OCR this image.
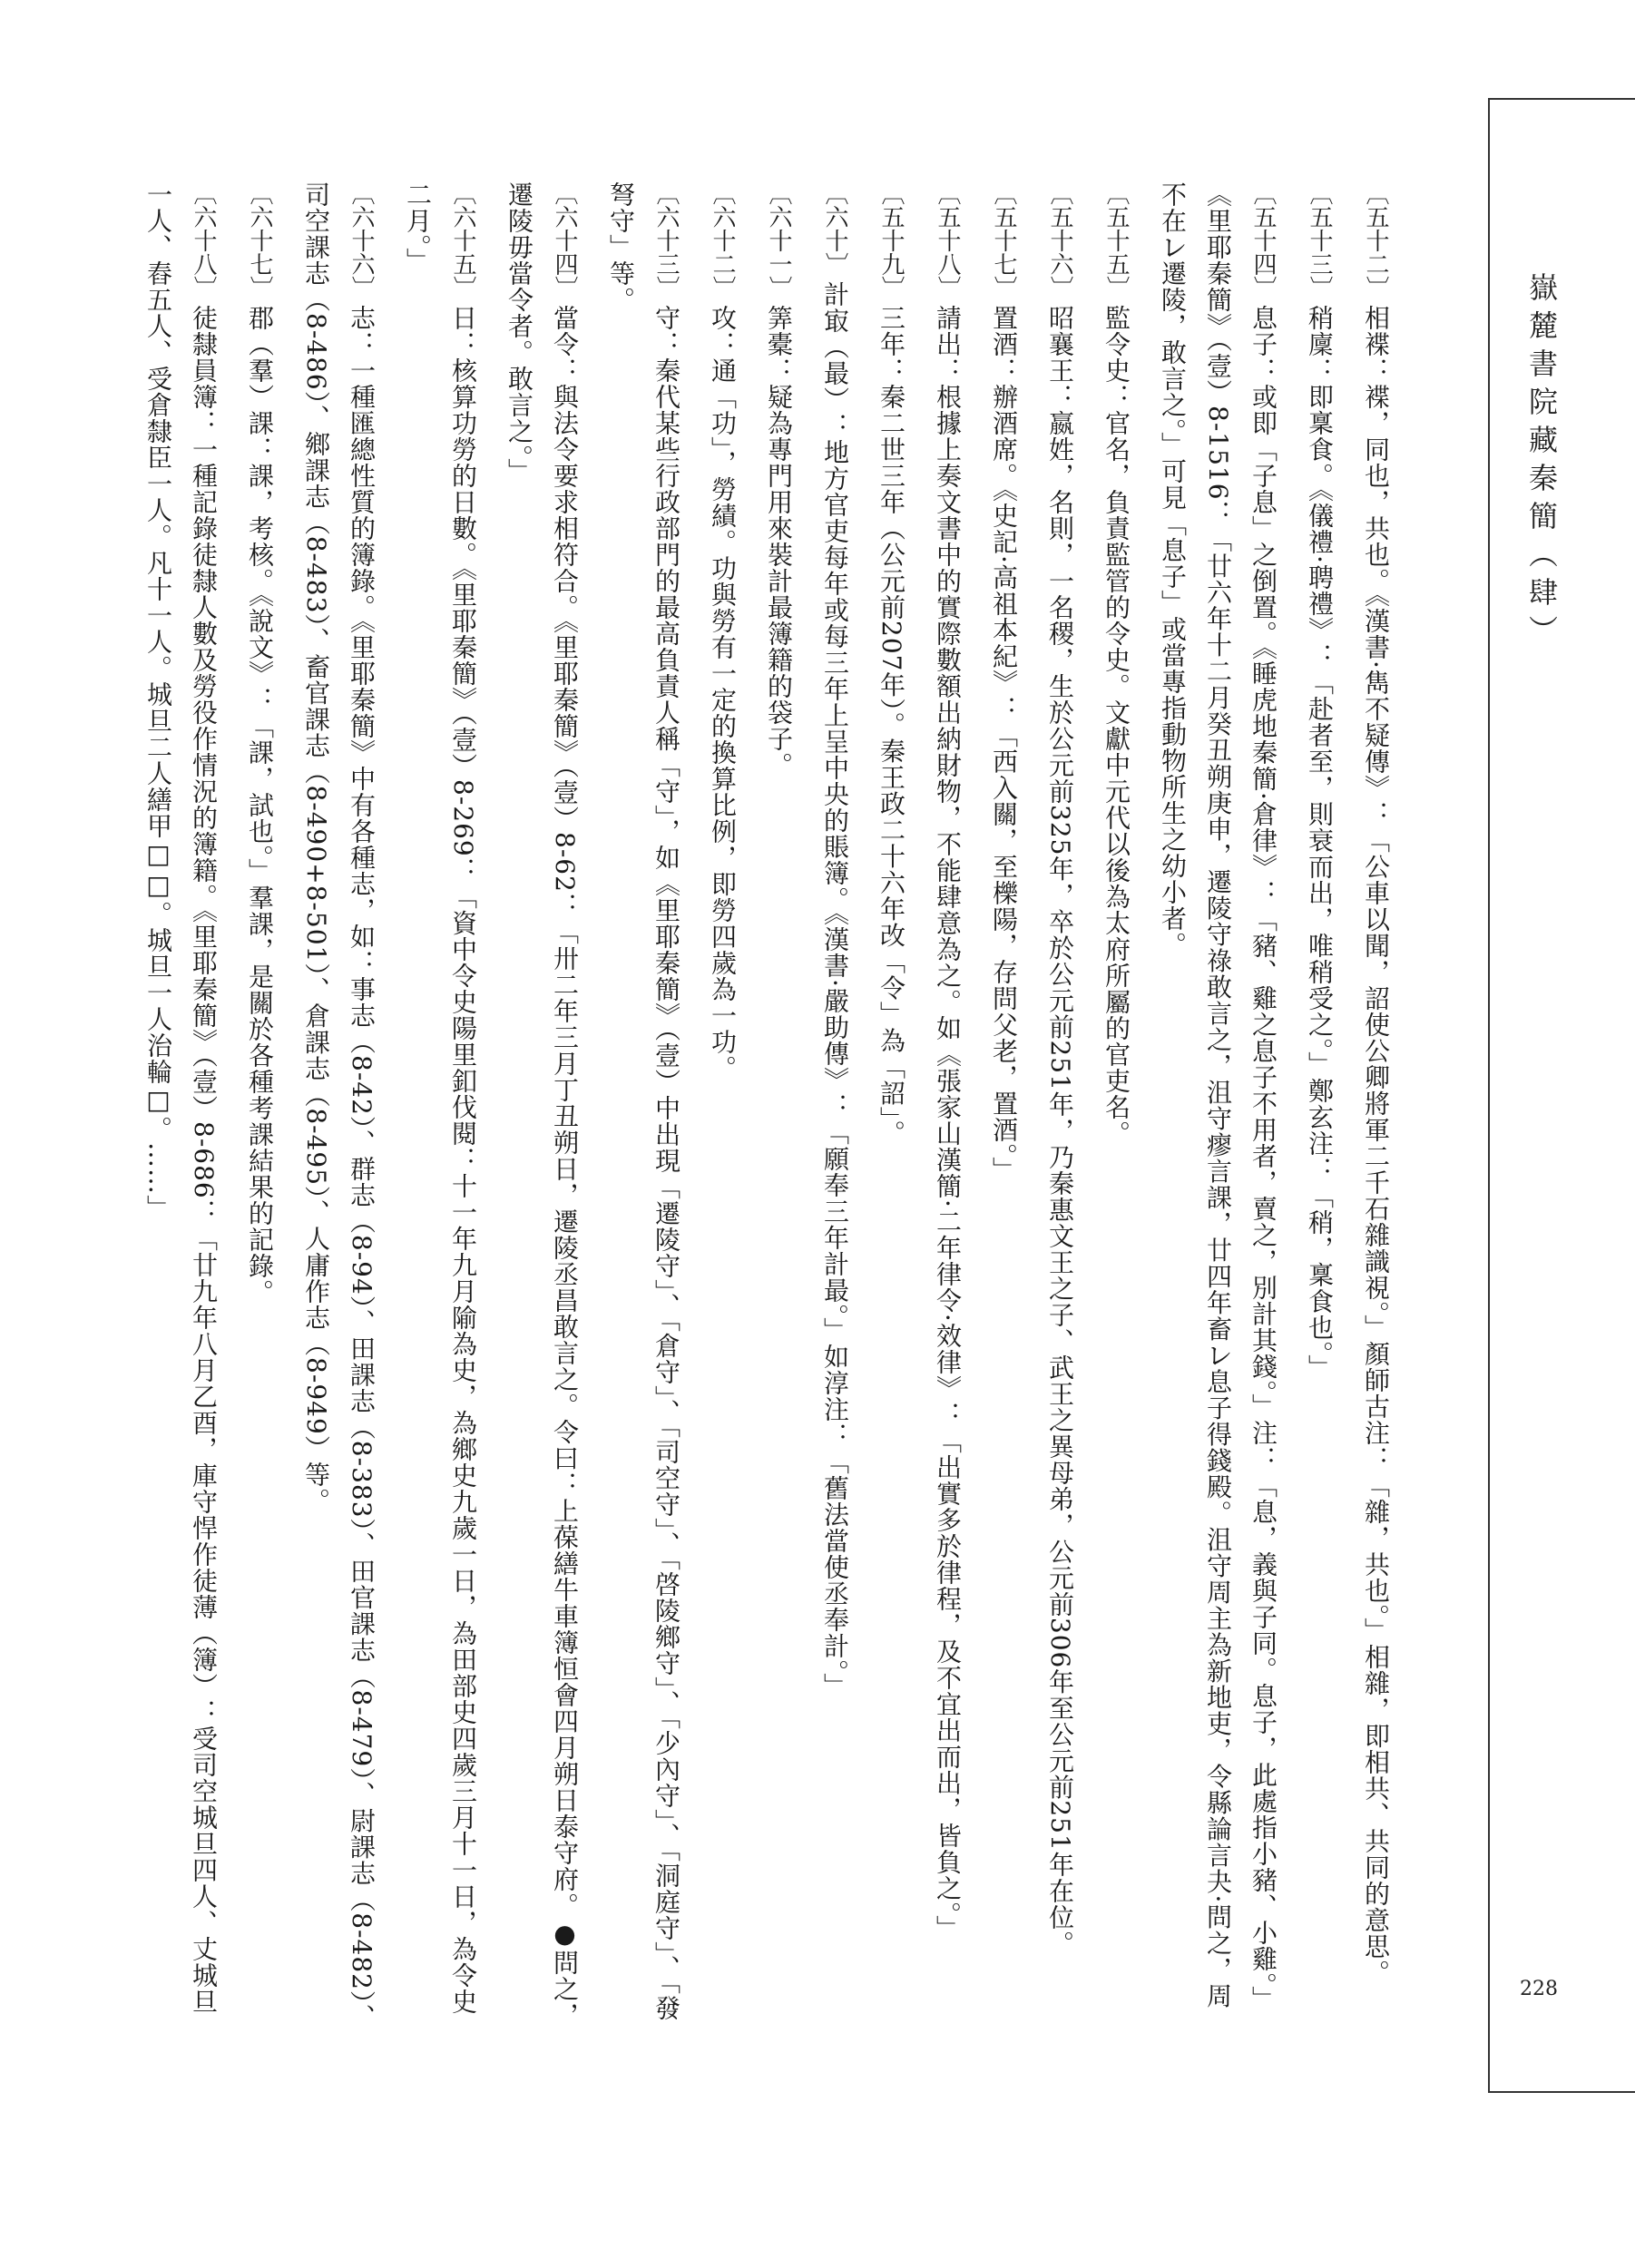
嶽麓書院藏秦簡（肆）
228
〔五十二〕相褋：褋，同也，共也。《漢書·雋不疑傳》：「公車以聞，詔使公卿將軍二千石雜識視。」顏師古注：「雜，共也。」相雜，即相共、共同的意思。
〔五十三〕稍廩：即稟食。《儀禮·聘禮》：「赴者至，則衰而出，唯稍受之。」鄭玄注：「稍，稟食也。」
〔五十四〕息子：或即「子息」之倒置。《睡虎地秦簡·倉律》：「豬、雞之息子不用者，賣之，別計其錢。」注：「息，義與子同。息子，此處指小豬、小雞。」《里耶秦簡》（壹）8-1516：「廿六年十二月癸丑朔庚申，遷陵守祿敢言之，沮守瘳言課，廿四年畜㆑息子得錢殿。沮守周主為新地吏，令縣論言夬·問之，周不在㆑遷陵，敢言之。」可見「息子」或當專指動物所生之幼小者。
〔五十五〕監令史：官名，負責監管的令史。文獻中元代以後為太府所屬的官吏名。
〔五十六〕昭襄王：嬴姓，名則，一名稷，生於公元前325年，卒於公元前251年，乃秦惠文王之子、武王之異母弟，公元前306年至公元前251年在位。
〔五十七〕置酒：辦酒席。《史記·高祖本紀》：「西入關，至櫟陽，存問父老，置酒。」
〔五十八〕請出：根據上奏文書中的實際數額出納財物，不能肆意為之。如《張家山漢簡·二年律令·效律》：「出實多於律程，及不宜出而出，皆負之。」
〔五十九〕三年：秦二世三年（公元前207年）。秦王政二十六年改「令」為「詔」。
〔六十〕計㝡（最）：地方官吏每年或每三年上呈中央的賬簿。《漢書·嚴助傳》：「願奉三年計最。」如淳注：「舊法當使丞奉計。」
〔六十一〕筭橐：疑為專門用來裝計最簿籍的袋子。
〔六十二〕攻：通「功」，勞績。功與勞有一定的換算比例，即勞四歲為一功。
〔六十三〕守：秦代某些行政部門的最高負責人稱「守」，如《里耶秦簡》（壹）中出現「遷陵守」、「倉守」、「司空守」、「啓陵鄉守」、「少內守」、「洞庭守」、「發弩守」等。
〔六十四〕當令：與法令要求相符合。《里耶秦簡》（壹）8-62：「卅二年三月丁丑朔日，遷陵丞昌敢言之。令曰：上葆繕牛車簿恒會四月朔日泰守府。●問之，遷陵毋當令者。敢言之。」
〔六十五〕日：核算功勞的日數。《里耶秦簡》（壹）8-269：「資中令史陽里釦伐閱：十一年九月隃為史，為鄉史九歲一日，為田部史四歲三月十一日，為令史二月。」
〔六十六〕志：一種匯總性質的簿錄。《里耶秦簡》中有各種志，如：事志（8-42）、群志（8-94）、田課志（8-383）、田官課志（8-479）、尉課志（8-482）、司空課志（8-486）、鄉課志（8-483）、畜官課志（8-490+8-501）、倉課志（8-495）、人庸作志（8-949）等。
〔六十七〕郡（羣）課：課，考核。《說文》：「課，試也。」羣課，是關於各種考課結果的記錄。
〔六十八〕徒隸員簿：一種記錄徒隸人數及勞役作情況的簿籍。《里耶秦簡》（壹）8-686：「廿九年八月乙酉，庫守悍作徒薄（簿）：受司空城旦四人、丈城旦一人、舂五人、受倉隸臣一人。凡十一人。城旦二人繕甲□□。城旦一人治輪□。……」
